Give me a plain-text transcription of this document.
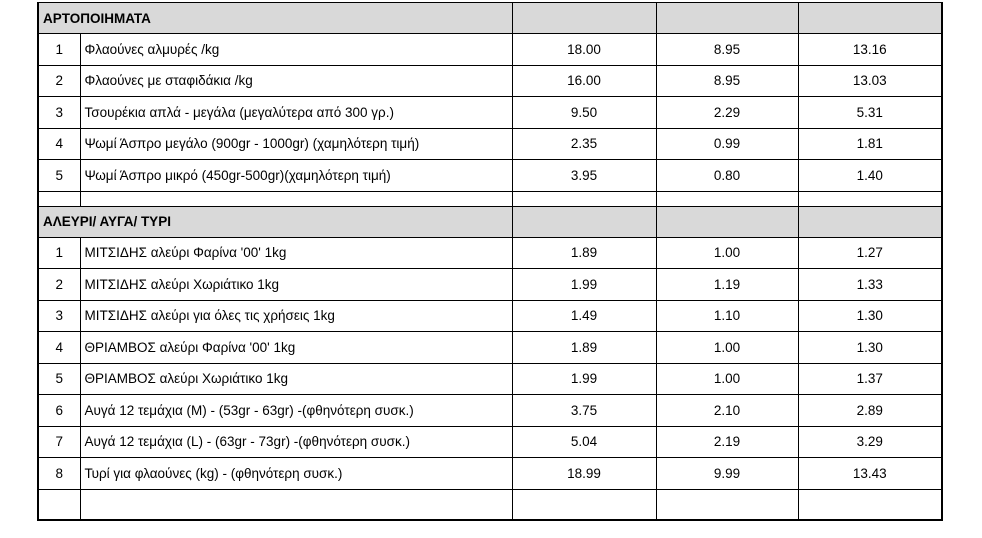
ΑΡΤΟΠΟΙΗΜΑΤΑ				
1	Φλαούνες αλμυρές /kg	18.00	8.95	13.16
2	Φλαούνες με σταφιδάκια /kg	16.00	8.95	13.03
3	Τσουρέκια απλά - μεγάλα (μεγαλύτερα από 300 γρ.)	9.50	2.29	5.31
4	Ψωμί Άσπρο μεγάλο (900gr - 1000gr) (χαμηλότερη τιμή)	2.35	0.99	1.81
5	Ψωμί Άσπρο μικρό (450gr-500gr)(χαμηλότερη τιμή)	3.95	0.80	1.40

ΑΛΕΥΡΙ/ ΑΥΓΑ/ ΤΥΡΙ				
1	ΜΙΤΣΙΔΗΣ αλεύρι Φαρίνα '00' 1kg	1.89	1.00	1.27
2	ΜΙΤΣΙΔΗΣ αλεύρι Χωριάτικο 1kg	1.99	1.19	1.33
3	ΜΙΤΣΙΔΗΣ αλεύρι για όλες τις χρήσεις 1kg	1.49	1.10	1.30
4	ΘΡΙΑΜΒΟΣ αλεύρι Φαρίνα '00' 1kg	1.89	1.00	1.30
5	ΘΡΙΑΜΒΟΣ αλεύρι Χωριάτικο 1kg	1.99	1.00	1.37
6	Αυγά 12 τεμάχια (Μ) - (53gr - 63gr) -(φθηνότερη συσκ.)	3.75	2.10	2.89
7	Αυγά 12 τεμάχια (L) - (63gr - 73gr) -(φθηνότερη συσκ.)	5.04	2.19	3.29
8	Τυρί για φλαούνες (kg) - (φθηνότερη συσκ.)	18.99	9.99	13.43
